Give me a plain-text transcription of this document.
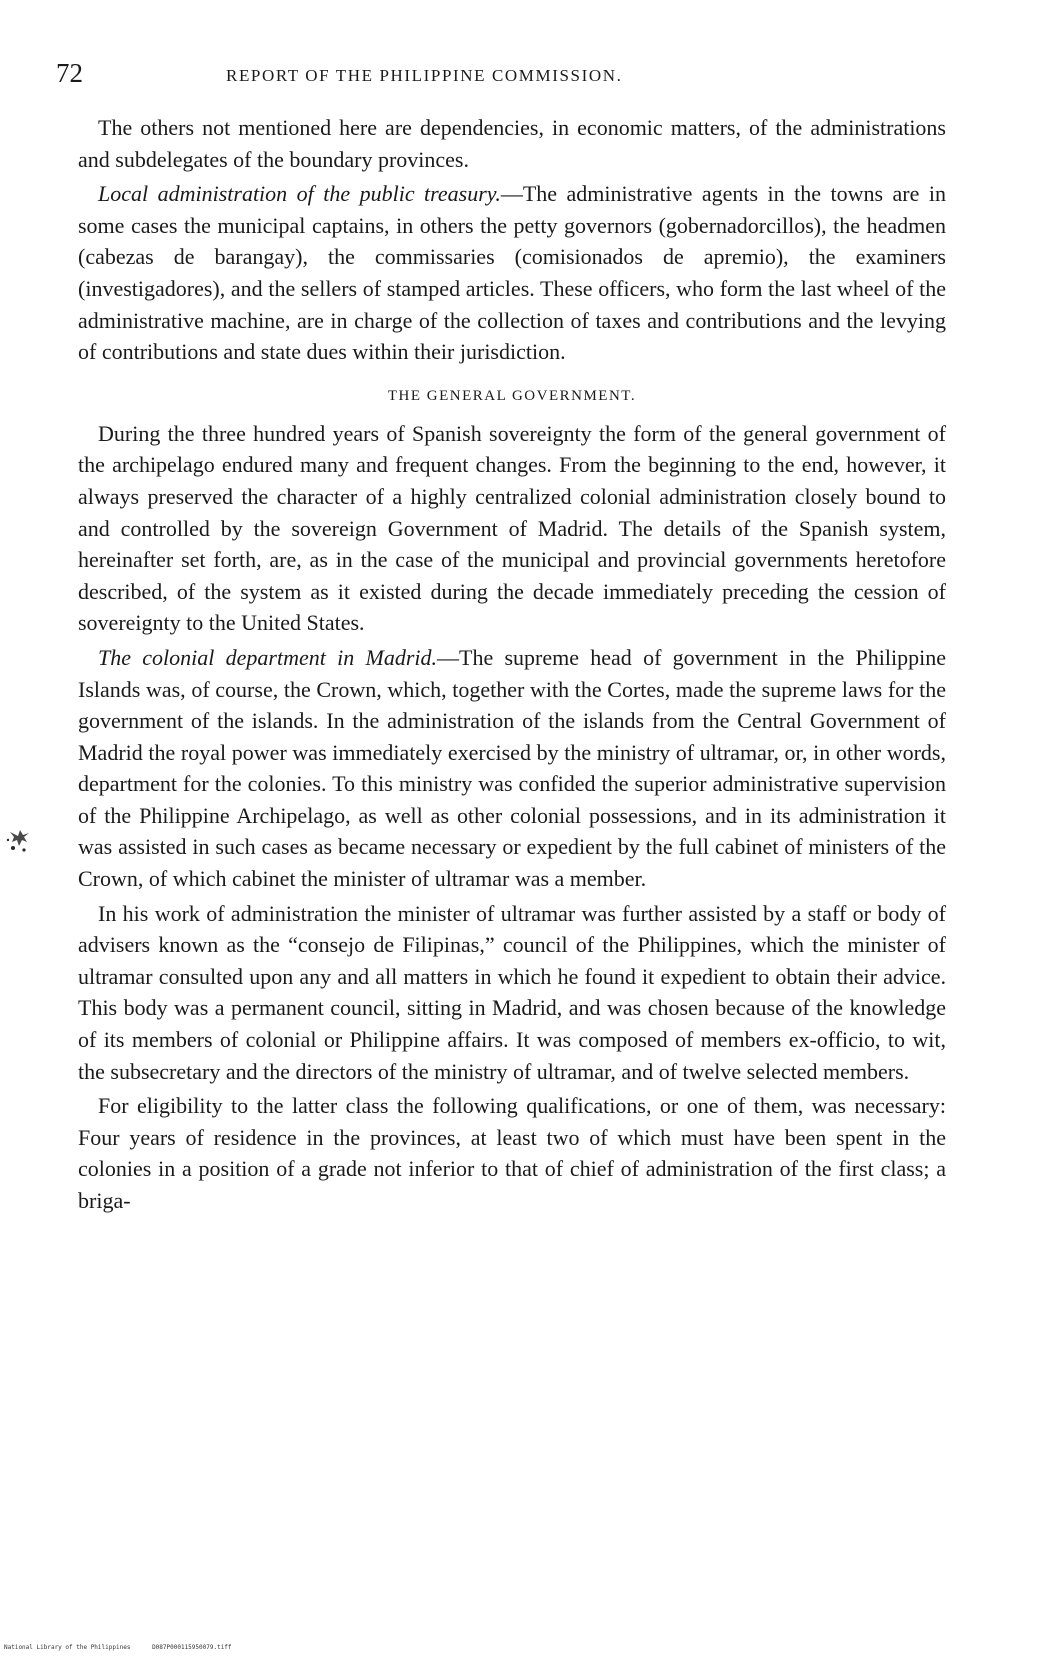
72	REPORT OF THE PHILIPPINE COMMISSION.

The others not mentioned here are dependencies, in economic matters, of the administrations and subdelegates of the boundary provinces.

Local administration of the public treasury.—The administrative agents in the towns are in some cases the municipal captains, in others the petty governors (gobernadorcillos), the headmen (cabezas de barangay), the commissaries (comisionados de apremio), the examiners (investigadores), and the sellers of stamped articles. These officers, who form the last wheel of the administrative machine, are in charge of the collection of taxes and contributions and the levying of contributions and state dues within their jurisdiction.

THE GENERAL GOVERNMENT.

During the three hundred years of Spanish sovereignty the form of the general government of the archipelago endured many and frequent changes. From the beginning to the end, however, it always preserved the character of a highly centralized colonial administration closely bound to and controlled by the sovereign Government of Madrid. The details of the Spanish system, hereinafter set forth, are, as in the case of the municipal and provincial governments heretofore described, of the system as it existed during the decade immediately preceding the cession of sovereignty to the United States.

The colonial department in Madrid.—The supreme head of government in the Philippine Islands was, of course, the Crown, which, together with the Cortes, made the supreme laws for the government of the islands. In the administration of the islands from the Central Government of Madrid the royal power was immediately exercised by the ministry of ultramar, or, in other words, department for the colonies. To this ministry was confided the superior administrative supervision of the Philippine Archipelago, as well as other colonial possessions, and in its administration it was assisted in such cases as became necessary or expedient by the full cabinet of ministers of the Crown, of which cabinet the minister of ultramar was a member.

In his work of administration the minister of ultramar was further assisted by a staff or body of advisers known as the “consejo de Filipinas,” council of the Philippines, which the minister of ultramar consulted upon any and all matters in which he found it expedient to obtain their advice. This body was a permanent council, sitting in Madrid, and was chosen because of the knowledge of its members of colonial or Philippine affairs. It was composed of members ex-officio, to wit, the subsecretary and the directors of the ministry of ultramar, and of twelve selected members.

For eligibility to the latter class the following qualifications, or one of them, was necessary: Four years of residence in the provinces, at least two of which must have been spent in the colonies in a position of a grade not inferior to that of chief of administration of the first class; a briga-

National Library of the Philippines	D087P000115950079.tiff
